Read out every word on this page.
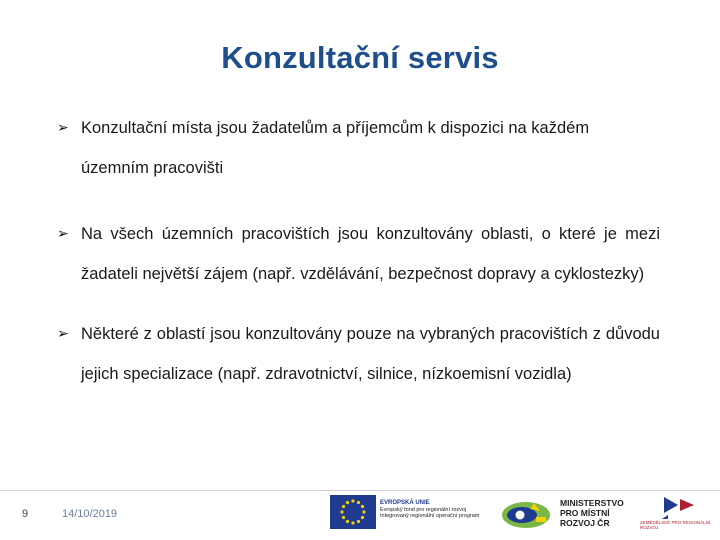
Konzultační servis
➢ Konzultační místa jsou žadatelům a příjemcům k dispozici na každém územním pracovišti
➢ Na všech územních pracovištích jsou konzultovány oblasti, o které je mezi žadateli největší zájem (např. vzdělávání, bezpečnost dopravy a cyklostezky)
➢ Některé z oblastí jsou konzultovány pouze na vybraných pracovištích z důvodu jejich specializace (např. zdravotnictví, silnice, nízkoemisní vozidla)
9	14/10/2019
EVROPSKÁ UNIE
Evropský fond pro regionální rozvoj
Integrovaný regionální operační program
MINISTERSTVO
PRO MÍSTNÍ
ROZVOJ ČR	ZEMĚDĚLSKÉ PRO REGIONÁLNÍ ROZVOJ
